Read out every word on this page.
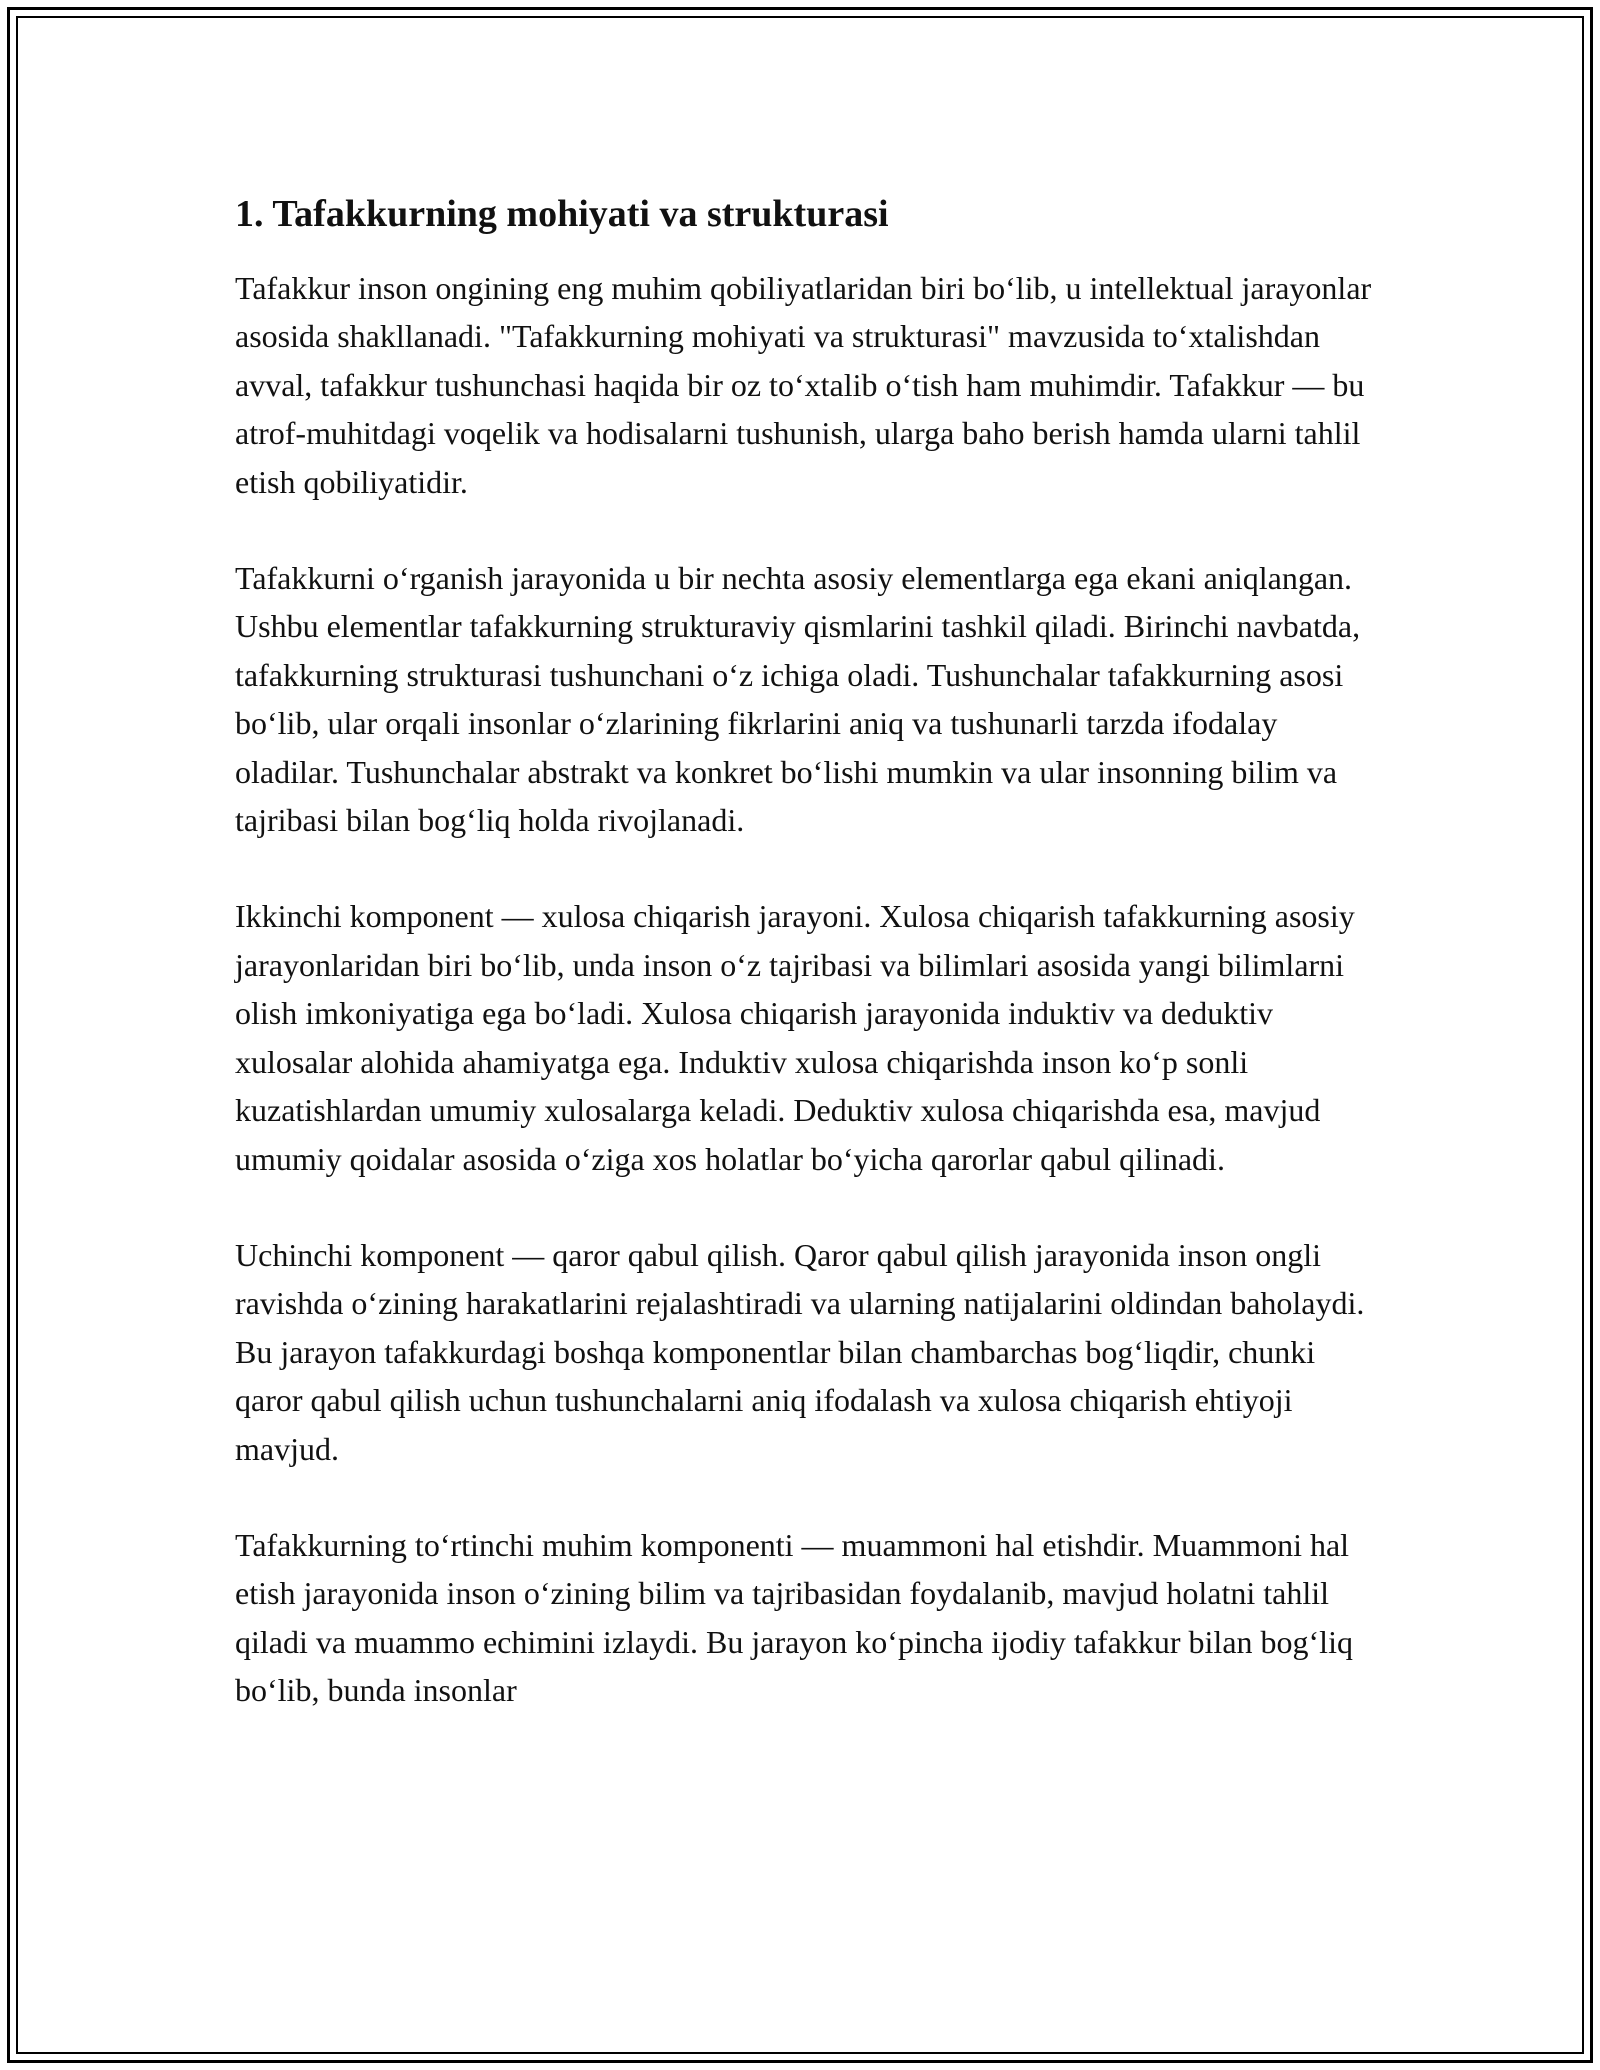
1. Tafakkurning mohiyati va strukturasi

Tafakkur inson ongining eng muhim qobiliyatlaridan biri bo‘lib, u intellektual jarayonlar asosida shakllanadi. "Tafakkurning mohiyati va strukturasi" mavzusida to‘xtalishdan avval, tafakkur tushunchasi haqida bir oz to‘xtalib o‘tish ham muhimdir. Tafakkur — bu atrof-muhitdagi voqelik va hodisalarni tushunish, ularga baho berish hamda ularni tahlil etish qobiliyatidir.

Tafakkurni o‘rganish jarayonida u bir nechta asosiy elementlarga ega ekani aniqlangan. Ushbu elementlar tafakkurning strukturaviy qismlarini tashkil qiladi. Birinchi navbatda, tafakkurning strukturasi tushunchani o‘z ichiga oladi. Tushunchalar tafakkurning asosi bo‘lib, ular orqali insonlar o‘zlarining fikrlarini aniq va tushunarli tarzda ifodalay oladilar. Tushunchalar abstrakt va konkret bo‘lishi mumkin va ular insonning bilim va tajribasi bilan bog‘liq holda rivojlanadi.

Ikkinchi komponent — xulosa chiqarish jarayoni. Xulosa chiqarish tafakkurning asosiy jarayonlaridan biri bo‘lib, unda inson o‘z tajribasi va bilimlari asosida yangi bilimlarni olish imkoniyatiga ega bo‘ladi. Xulosa chiqarish jarayonida induktiv va deduktiv xulosalar alohida ahamiyatga ega. Induktiv xulosa chiqarishda inson ko‘p sonli kuzatishlardan umumiy xulosalarga keladi. Deduktiv xulosa chiqarishda esa, mavjud umumiy qoidalar asosida o‘ziga xos holatlar bo‘yicha qarorlar qabul qilinadi.

Uchinchi komponent — qaror qabul qilish. Qaror qabul qilish jarayonida inson ongli ravishda o‘zining harakatlarini rejalashtiradi va ularning natijalarini oldindan baholaydi. Bu jarayon tafakkurdagi boshqa komponentlar bilan chambarchas bog‘liqdir, chunki qaror qabul qilish uchun tushunchalarni aniq ifodalash va xulosa chiqarish ehtiyoji mavjud.

Tafakkurning to‘rtinchi muhim komponenti — muammoni hal etishdir. Muammoni hal etish jarayonida inson o‘zining bilim va tajribasidan foydalanib, mavjud holatni tahlil qiladi va muammo echimini izlaydi. Bu jarayon ko‘pincha ijodiy tafakkur bilan bog‘liq bo‘lib, bunda insonlar
